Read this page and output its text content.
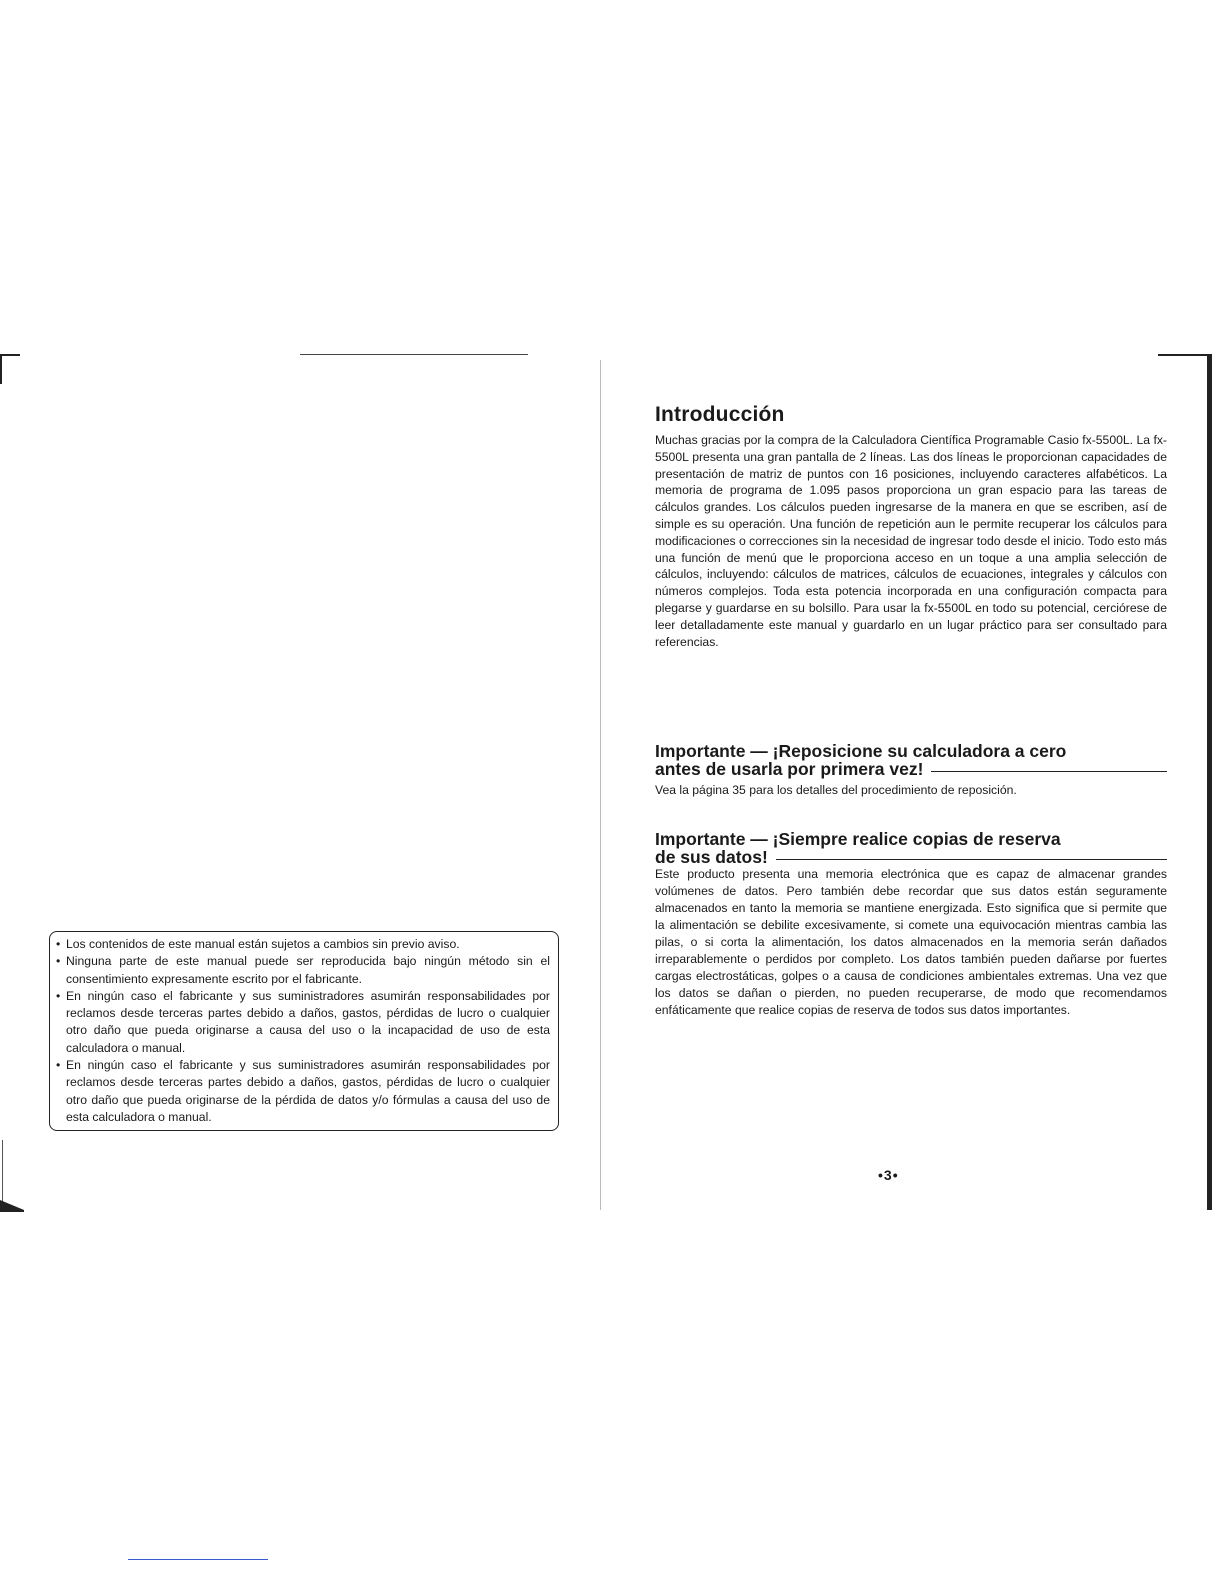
• Los contenidos de este manual están sujetos a cambios sin previo aviso.
• Ninguna parte de este manual puede ser reproducida bajo ningún método sin el consentimiento expresamente escrito por el fabricante.
• En ningún caso el fabricante y sus suministradores asumirán responsabilidades por reclamos desde terceras partes debido a daños, gastos, pérdidas de lucro o cualquier otro daño que pueda originarse a causa del uso o la incapacidad de uso de esta calculadora o manual.
• En ningún caso el fabricante y sus suministradores asumirán responsabilidades por reclamos desde terceras partes debido a daños, gastos, pérdidas de lucro o cualquier otro daño que pueda originarse de la pérdida de datos y/o fórmulas a causa del uso de esta calculadora o manual.
Introducción

Muchas gracias por la compra de la Calculadora Científica Programable Casio fx-5500L. La fx-5500L presenta una gran pantalla de 2 líneas. Las dos líneas le proporcionan capacidades de presentación de matriz de puntos con 16 posiciones, incluyendo caracteres alfabéticos. La memoria de programa de 1.095 pasos proporciona un gran espacio para las tareas de cálculos grandes. Los cálculos pueden ingresarse de la manera en que se escriben, así de simple es su operación. Una función de repetición aun le permite recuperar los cálculos para modificaciones o correcciones sin la necesidad de ingresar todo desde el inicio. Todo esto más una función de menú que le proporciona acceso en un toque a una amplia selección de cálculos, incluyendo: cálculos de matrices, cálculos de ecuaciones, integrales y cálculos con números complejos. Toda esta potencia incorporada en una configuración compacta para plegarse y guardarse en su bolsillo. Para usar la fx-5500L en todo su potencial, cerciórese de leer detalladamente este manual y guardarlo en un lugar práctico para ser consultado para referencias.

Importante — ¡Reposicione su calculadora a cero
antes de usarla por primera vez!

Vea la página 35 para los detalles del procedimiento de reposición.

Importante — ¡Siempre realice copias de reserva
de sus datos!

Este producto presenta una memoria electrónica que es capaz de almacenar grandes volúmenes de datos. Pero también debe recordar que sus datos están seguramente almacenados en tanto la memoria se mantiene energizada. Esto significa que si permite que la alimentación se debilite excesivamente, si comete una equivocación mientras cambia las pilas, o si corta la alimentación, los datos almacenados en la memoria serán dañados irreparablemente o perdidos por completo. Los datos también pueden dañarse por fuertes cargas electrostáticas, golpes o a causa de condiciones ambientales extremas. Una vez que los datos se dañan o pierden, no pueden recuperarse, de modo que recomendamos enfáticamente que realice copias de reserva de todos sus datos importantes.

•3•
